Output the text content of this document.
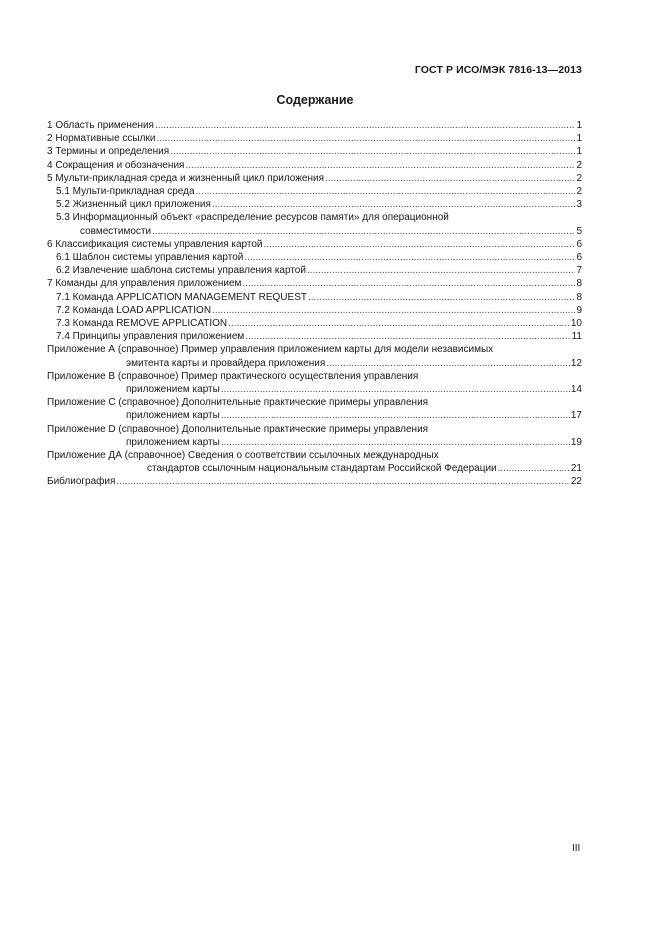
ГОСТ Р ИСО/МЭК 7816-13—2013
Содержание
1 Область применения .....	1
2 Нормативные ссылки .....	1
3 Термины и определения .....	1
4 Сокращения и обозначения .....	2
5 Мульти-прикладная среда и жизненный цикл приложения .....	2
5.1 Мульти-прикладная среда .....	2
5.2 Жизненный цикл приложения .....	3
5.3 Информационный объект «распределение ресурсов памяти» для операционной
совместимости .....	5
6 Классификация системы управления картой .....	6
6.1 Шаблон системы управления картой .....	6
6.2 Извлечение шаблона системы управления картой .....	7
7 Команды для управления приложением .....	8
7.1 Команда APPLICATION MANAGEMENT REQUEST .....	8
7.2 Команда LOAD APPLICATION .....	9
7.3 Команда REMOVE APPLICATION .....	10
7.4 Принципы управления приложением .....	11
Приложение А (справочное) Пример управления приложением карты для модели независимых
эмитента карты и провайдера приложения .....	12
Приложение В (справочное) Пример практического осуществления управления
приложением карты .....	14
Приложение С (справочное) Дополнительные практические примеры управления
приложением карты .....	17
Приложение D (справочное) Дополнительные практические примеры управления
приложением карты .....	19
Приложение ДА (справочное) Сведения о соответствии ссылочных международных
стандартов ссылочным национальным стандартам Российской Федерации .....	21
Библиография .....	22
III
